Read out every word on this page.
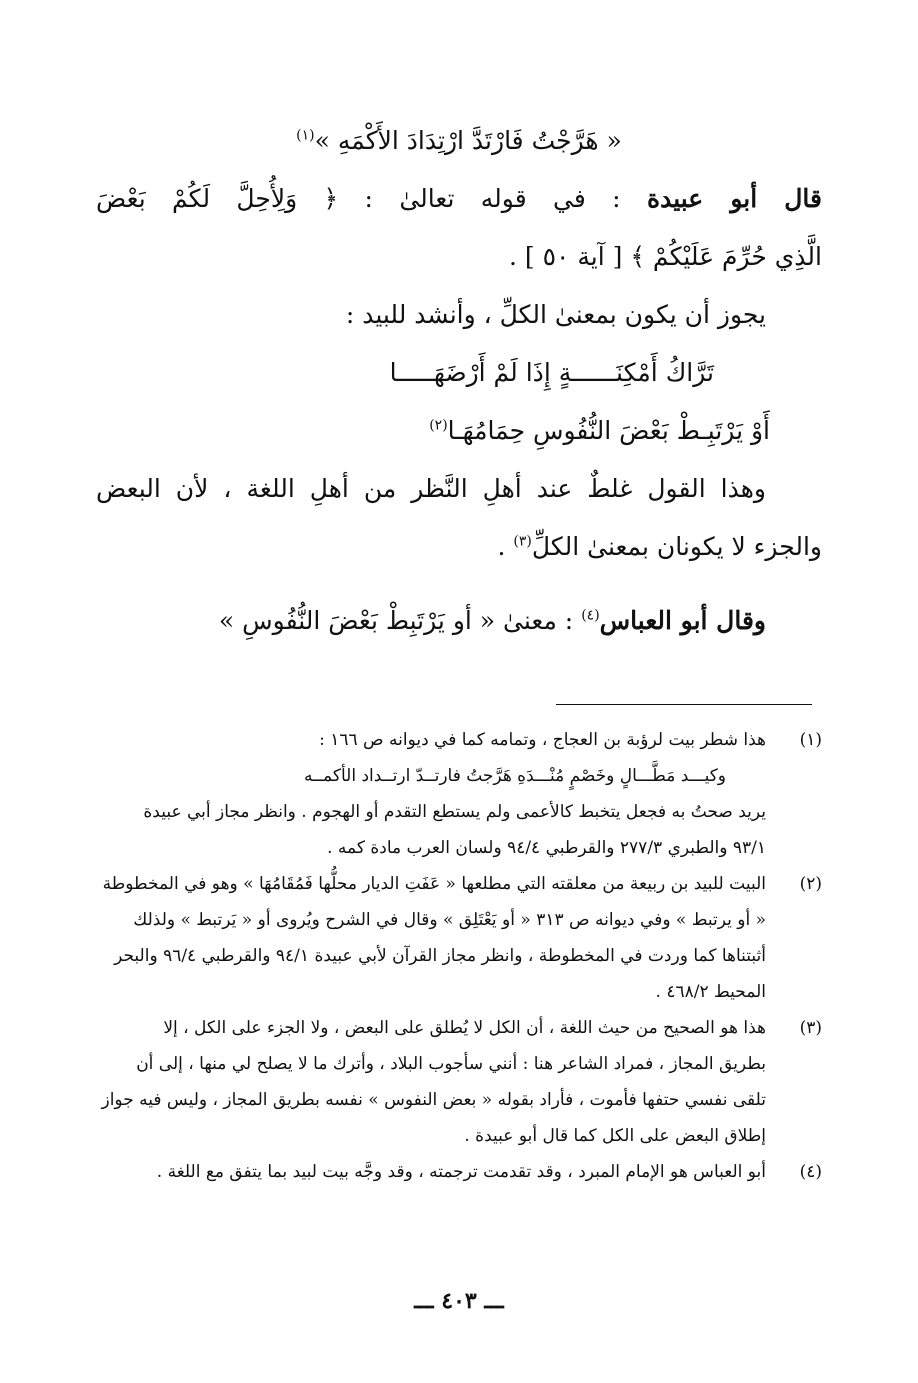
« هَرَّجْتُ فَارْتَدَّ ارْتِدَادَ الأَكْمَهِ »$^{(١)}$
قال أبو عبيدة : في قوله تعالىٰ : ﴿ وَلِأُحِلَّ لَكُمْ بَعْضَ
الَّذِي حُرِّمَ عَلَيْكُمْ ﴾ [ آية ٥٠ ] .
يجوز أن يكون بمعنىٰ الكلِّ ، وأنشد للبيد :
تَرَّاكُ أَمْكِنَــــــةٍ إِذَا لَمْ أَرْضَهَـــــا
أَوْ يَرْتَبِـطْ بَعْضَ النُّفُوسِ حِمَامُهَـا$^{(٢)}$
وهذا القول غلطٌ عند أهلِ النَّظر من أهلِ اللغة ، لأن البعض
والجزء لا يكونان بمعنىٰ الكلِّ$^{(٣)}$ .
وقال أبو العباس$^{(٤)}$ : معنىٰ « أو يَرْتَبِطْ بَعْضَ النُّفُوسِ »
(١)
هذا شطر بيت لرؤبة بن العجاج ، وتمامه كما في ديوانه ص ١٦٦ :
وكيـــد مَطَّـــالٍ وخَصْمٍ مُنْـــدَهِ هَرَّجتُ فارتــدّ ارتــداد الأكمــه
يريد صحتُ به فجعل يتخبط كالأعمى ولم يستطع التقدم أو الهجوم . وانظر مجاز أبي عبيدة
٩٣/١ والطبري ٢٧٧/٣ والقرطبي ٩٤/٤ ولسان العرب مادة كمه .
(٢)
البيت للبيد بن ربيعة من معلقته التي مطلعها « عَفَتِ الديار محلُّها فَمُقَامُهَا » وهو في المخطوطة
« أو يرتبط » وفي ديوانه ص ٣١٣ « أو يَعْتَلِق » وقال في الشرح ويُروى أو « يَرتبط » ولذلك
أثبتناها كما وردت في المخطوطة ، وانظر مجاز القرآن لأبي عبيدة ٩٤/١ والقرطبي ٩٦/٤ والبحر
المحيط ٤٦٨/٢ .
(٣)
هذا هو الصحيح من حيث اللغة ، أن الكل لا يُطلق على البعض ، ولا الجزء على الكل ، إلا
بطريق المجاز ، فمراد الشاعر هنا : أنني سأجوب البلاد ، وأترك ما لا يصلح لي منها ، إلى أن
تلقى نفسي حتفها فأموت ، فأراد بقوله « بعض النفوس » نفسه بطريق المجاز ، وليس فيه جواز
إطلاق البعض على الكل كما قال أبو عبيدة .
(٤)
أبو العباس هو الإمام المبرد ، وقد تقدمت ترجمته ، وقد وجَّه بيت لبيد بما يتفق مع اللغة .
ـــ ٤٠٣ ـــ
